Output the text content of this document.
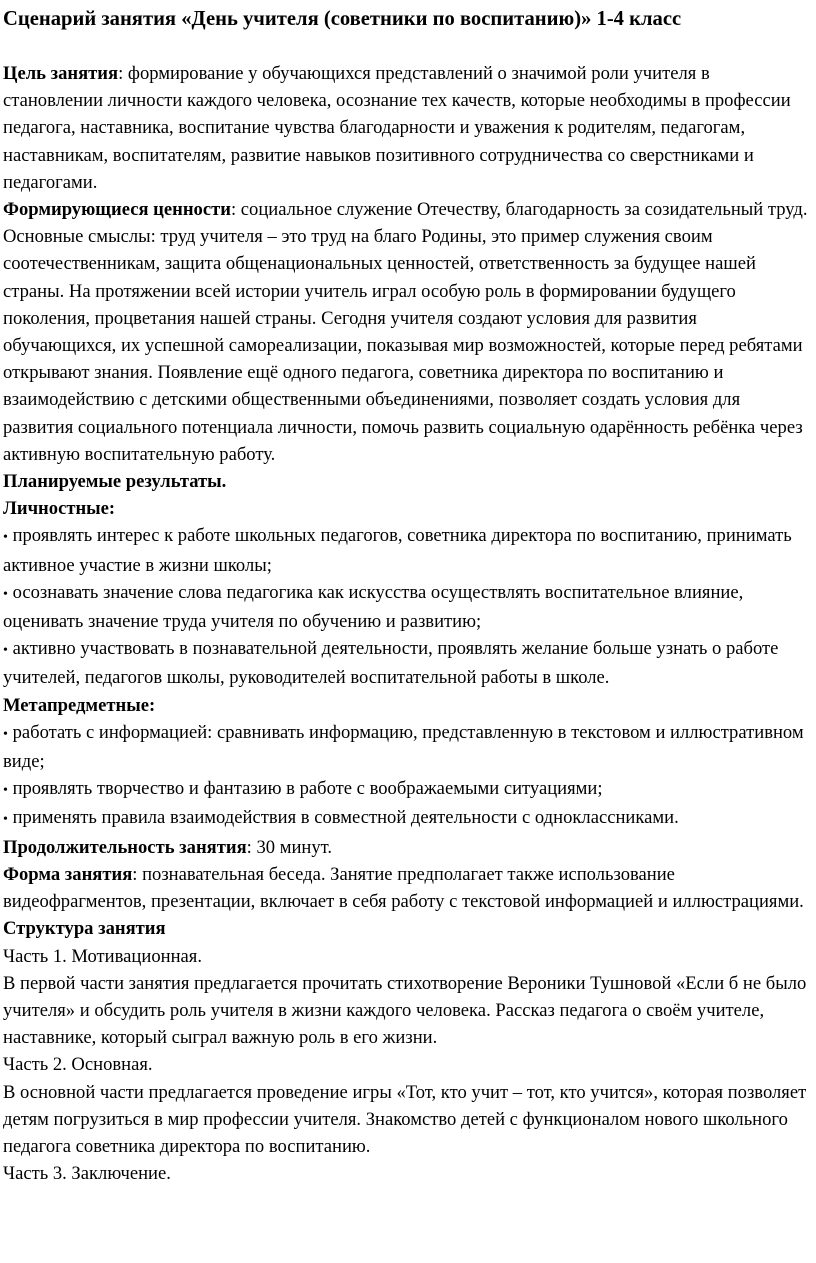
Сценарий занятия «День учителя (советники по воспитанию)» 1-4 класс

Цель занятия: формирование у обучающихся представлений о значимой роли учителя в становлении личности каждого человека, осознание тех качеств, которые необходимы в профессии педагога, наставника, воспитание чувства благодарности и уважения к родителям, педагогам, наставникам, воспитателям, развитие навыков позитивного сотрудничества со сверстниками и педагогами.

Формирующиеся ценности: социальное служение Отечеству, благодарность за созидательный труд.

Основные смыслы: труд учителя – это труд на благо Родины, это пример служения своим соотечественникам, защита общенациональных ценностей, ответственность за будущее нашей страны. На протяжении всей истории учитель играл особую роль в формировании будущего поколения, процветания нашей страны. Сегодня учителя создают условия для развития обучающихся, их успешной самореализации, показывая мир возможностей, которые перед ребятами открывают знания. Появление ещё одного педагога, советника директора по воспитанию и взаимодействию с детскими общественными объединениями, позволяет создать условия для развития социального потенциала личности, помочь развить социальную одарённость ребёнка через активную воспитательную работу.

Планируемые результаты.

Личностные:

• проявлять интерес к работе школьных педагогов, советника директора по воспитанию, принимать активное участие в жизни школы;

• осознавать значение слова педагогика как искусства осуществлять воспитательное влияние, оценивать значение труда учителя по обучению и развитию;

• активно участвовать в познавательной деятельности, проявлять желание больше узнать о работе учителей, педагогов школы, руководителей воспитательной работы в школе.

Метапредметные:

• работать с информацией: сравнивать информацию, представленную в текстовом и иллюстративном виде;

• проявлять творчество и фантазию в работе с воображаемыми ситуациями;

• применять правила взаимодействия в совместной деятельности с одноклассниками.

Продолжительность занятия: 30 минут.

Форма занятия: познавательная беседа. Занятие предполагает также использование видеофрагментов, презентации, включает в себя работу с текстовой информацией и иллюстрациями.

Структура занятия

Часть 1. Мотивационная.

В первой части занятия предлагается прочитать стихотворение Вероники Тушновой «Если б не было учителя» и обсудить роль учителя в жизни каждого человека. Рассказ педагога о своём учителе, наставнике, который сыграл важную роль в его жизни.

Часть 2. Основная.

В основной части предлагается проведение игры «Тот, кто учит – тот, кто учится», которая позволяет детям погрузиться в мир профессии учителя. Знакомство детей с функционалом нового школьного педагога советника директора по воспитанию.

Часть 3. Заключение.
